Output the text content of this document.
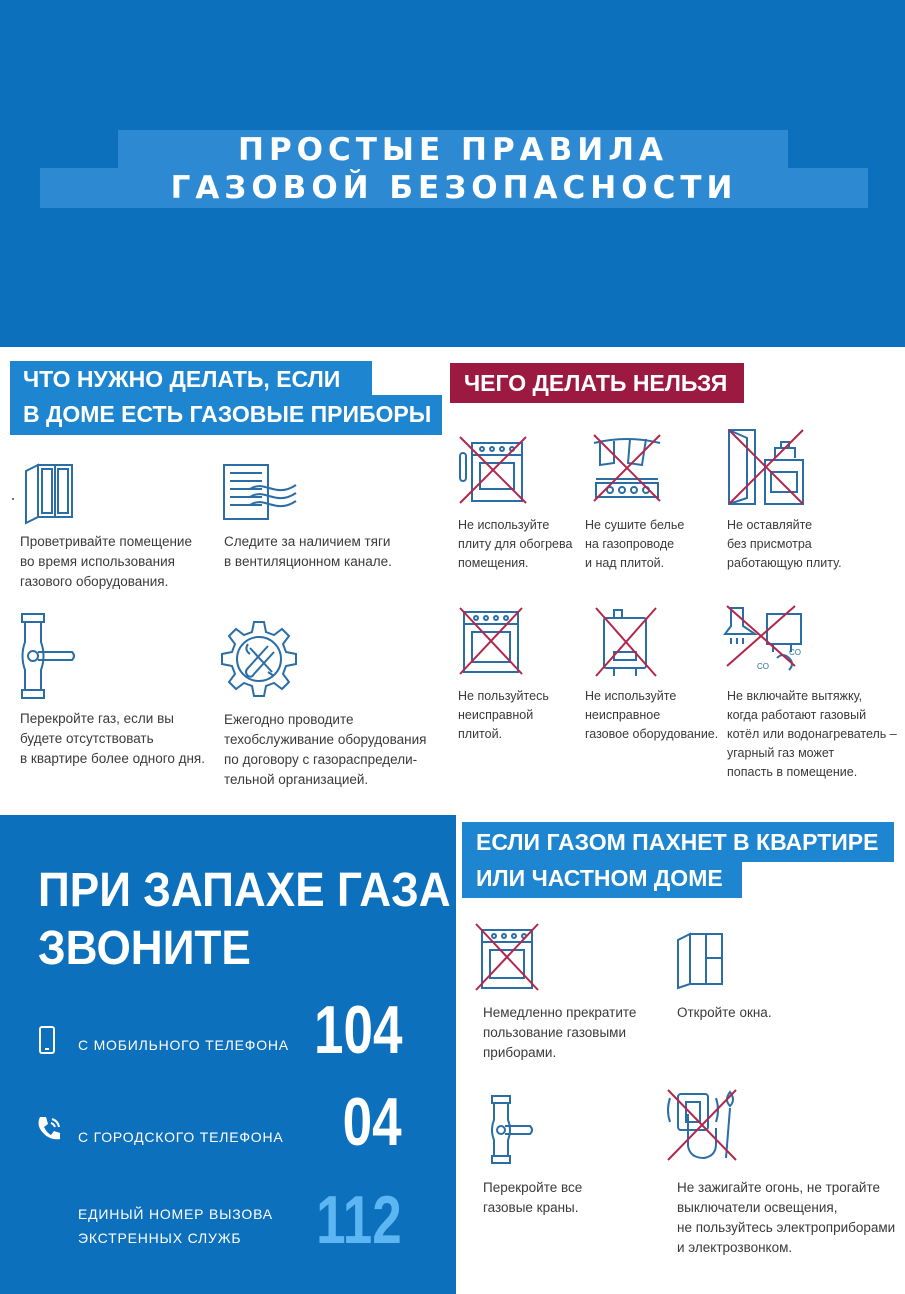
ПРОСТЫЕ ПРАВИЛА
ГАЗОВОЙ БЕЗОПАСНОСТИ
ЧТО НУЖНО ДЕЛАТЬ, ЕСЛИ
В ДОМЕ ЕСТЬ ГАЗОВЫЕ ПРИБОРЫ
ЧЕГО ДЕЛАТЬ НЕЛЬЗЯ
Проветривайте помещение
во время использования
газового оборудования.
Следите за наличием тяги
в вентиляционном канале.
Перекройте газ, если вы
будете отсутствовать
в квартире более одного дня.
Ежегодно проводите
техобслуживание оборудования
по договору с газораспредели-
тельной организацией.
Не используйте
плиту для обогрева
помещения.
Не сушите белье
на газопроводе
и над плитой.
Не оставляйте
без присмотра
работающую плиту.
Не пользуйтесь
неисправной
плитой.
Не используйте
неисправное
газовое оборудование.
CO
CO
Не включайте вытяжку,
когда работают газовый
котёл или водонагреватель –
угарный газ может
попасть в помещение.
ПРИ ЗАПАХЕ ГАЗА
ЗВОНИТЕ
С МОБИЛЬНОГО ТЕЛЕФОНА 104
С ГОРОДСКОГО ТЕЛЕФОНА 04
ЕДИНЫЙ НОМЕР ВЫЗОВА
ЭКСТРЕННЫХ СЛУЖБ 112
ЕСЛИ ГАЗОМ ПАХНЕТ В КВАРТИРЕ
ИЛИ ЧАСТНОМ ДОМЕ
Немедленно прекратите
пользование газовыми
приборами.
Откройте окна.
Перекройте все
газовые краны.
Не зажигайте огонь, не трогайте
выключатели освещения,
не пользуйтесь электроприборами
и электрозвонком.
